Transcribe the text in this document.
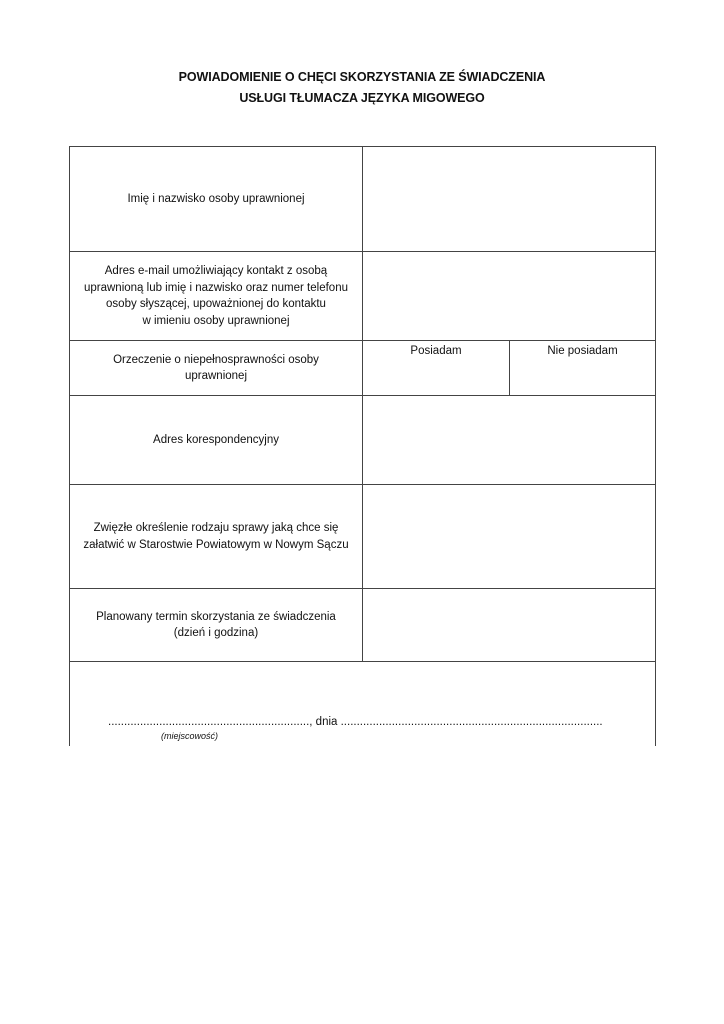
POWIADOMIENIE O CHĘCI SKORZYSTANIA ZE ŚWIADCZENIA
USŁUGI TŁUMACZA JĘZYKA MIGOWEGO
Imię i nazwisko osoby uprawnionej
Adres e-mail umożliwiający kontakt z osobą
uprawnioną lub imię i nazwisko oraz numer telefonu
osoby słyszącej, upoważnionej do kontaktu
w imieniu osoby uprawnionej
Orzeczenie o niepełnosprawności osoby
uprawnionej
Posiadam	Nie posiadam
Adres korespondencyjny
Zwięzłe określenie rodzaju sprawy jaką chce się
załatwić w Starostwie Powiatowym w Nowym Sączu
Planowany termin skorzystania ze świadczenia
(dzień i godzina)
..............................................................., dnia ..................................................................................
(miejscowość)
